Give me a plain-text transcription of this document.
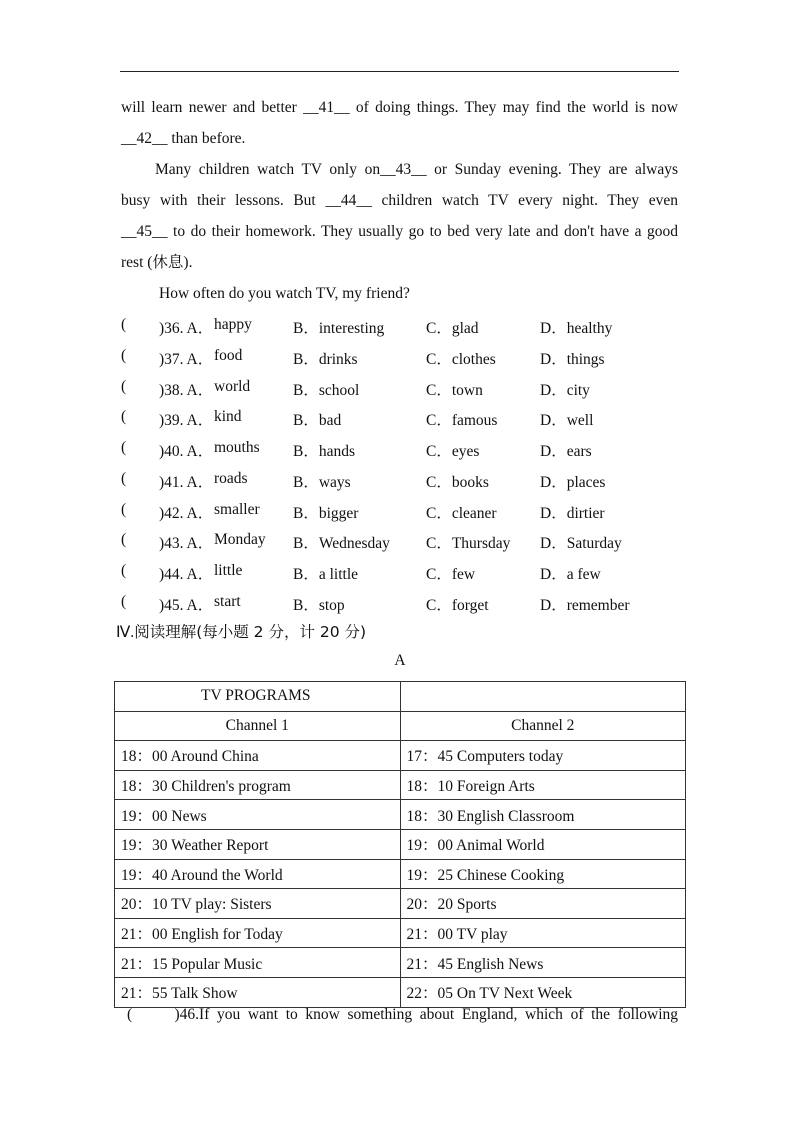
will learn newer and better __41__ of doing things. They may find the world is now
__42__ than before.
Many children watch TV only on__43__ or Sunday evening. They are always
busy with their lessons. But __44__ children watch TV every night. They even
__45__ to do their homework. They usually go to bed very late and don't have a good
rest (休息).
How often do you watch TV, my friend?
( )36. A． happy	B．interesting	C．glad	D．healthy
( )37. A． food	B．drinks	C．clothes	D．things
( )38. A． world	B．school	C．town	D．city
( )39. A． kind	B．bad	C．famous	D．well
( )40. A． mouths B．hands	C．eyes	D．ears
( )41. A． roads	B．ways	C．books	D．places
( )42. A． smaller B．bigger	C．cleaner	D．dirtier
( )43. A． Monday B．Wednesday C．Thursday D．Saturday
( )44. A． little	B．a little	C．few	D．a few
( )45. A． start	B．stop	C．forget	D．remember
Ⅳ.阅读理解(每小题 2 分，计 20 分)
A
TV PROGRAMS	
Channel 1	Channel 2
18：00 Around China	17：45 Computers today
18：30 Children's program	18：10 Foreign Arts
19：00 News	18：30 English Classroom
19：30 Weather Report	19：00 Animal World
19：40 Around the World	19：25 Chinese Cooking
20：10 TV play: Sisters	20：20 Sports
21：00 English for Today	21：00 TV play
21：15 Popular Music	21：45 English News
21：55 Talk Show	22：05 On TV Next Week
(　　)46.If you want to know something about England, which of the following
